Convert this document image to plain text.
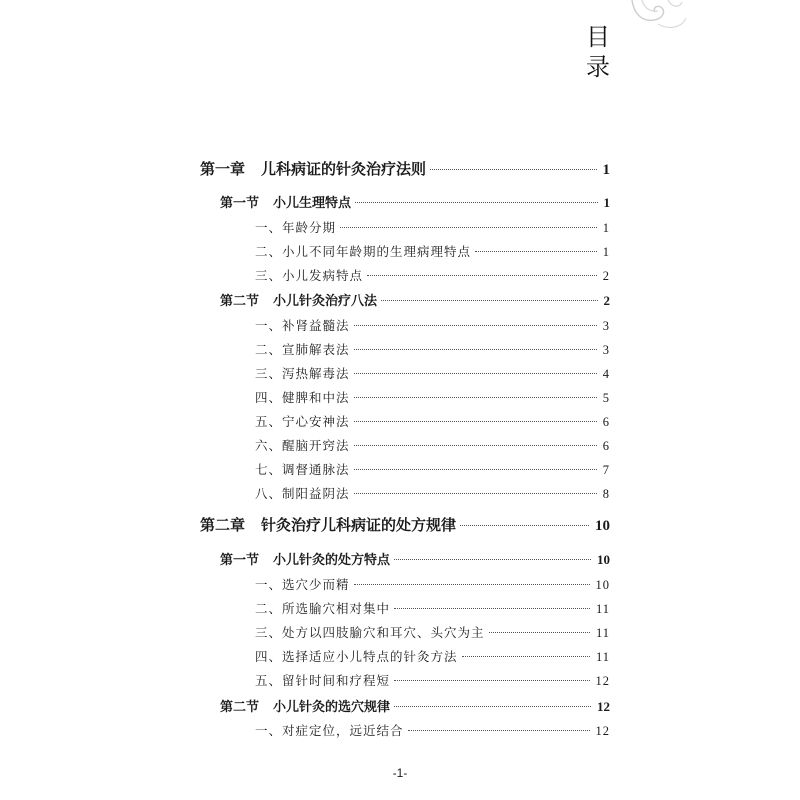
目
录
第一章 儿科病证的针灸治疗法则	1
第一节 小儿生理特点	1
一、年龄分期	1
二、小儿不同年龄期的生理病理特点	1
三、小儿发病特点	2
第二节 小儿针灸治疗八法	2
一、补肾益髓法	3
二、宣肺解表法	3
三、泻热解毒法	4
四、健脾和中法	5
五、宁心安神法	6
六、醒脑开窍法	6
七、调督通脉法	7
八、制阳益阴法	8
第二章 针灸治疗儿科病证的处方规律	10
第一节 小儿针灸的处方特点	10
一、选穴少而精	10
二、所选腧穴相对集中	11
三、处方以四肢腧穴和耳穴、头穴为主	11
四、选择适应小儿特点的针灸方法	11
五、留针时间和疗程短	12
第二节 小儿针灸的选穴规律	12
一、对症定位，远近结合	12
-1-
